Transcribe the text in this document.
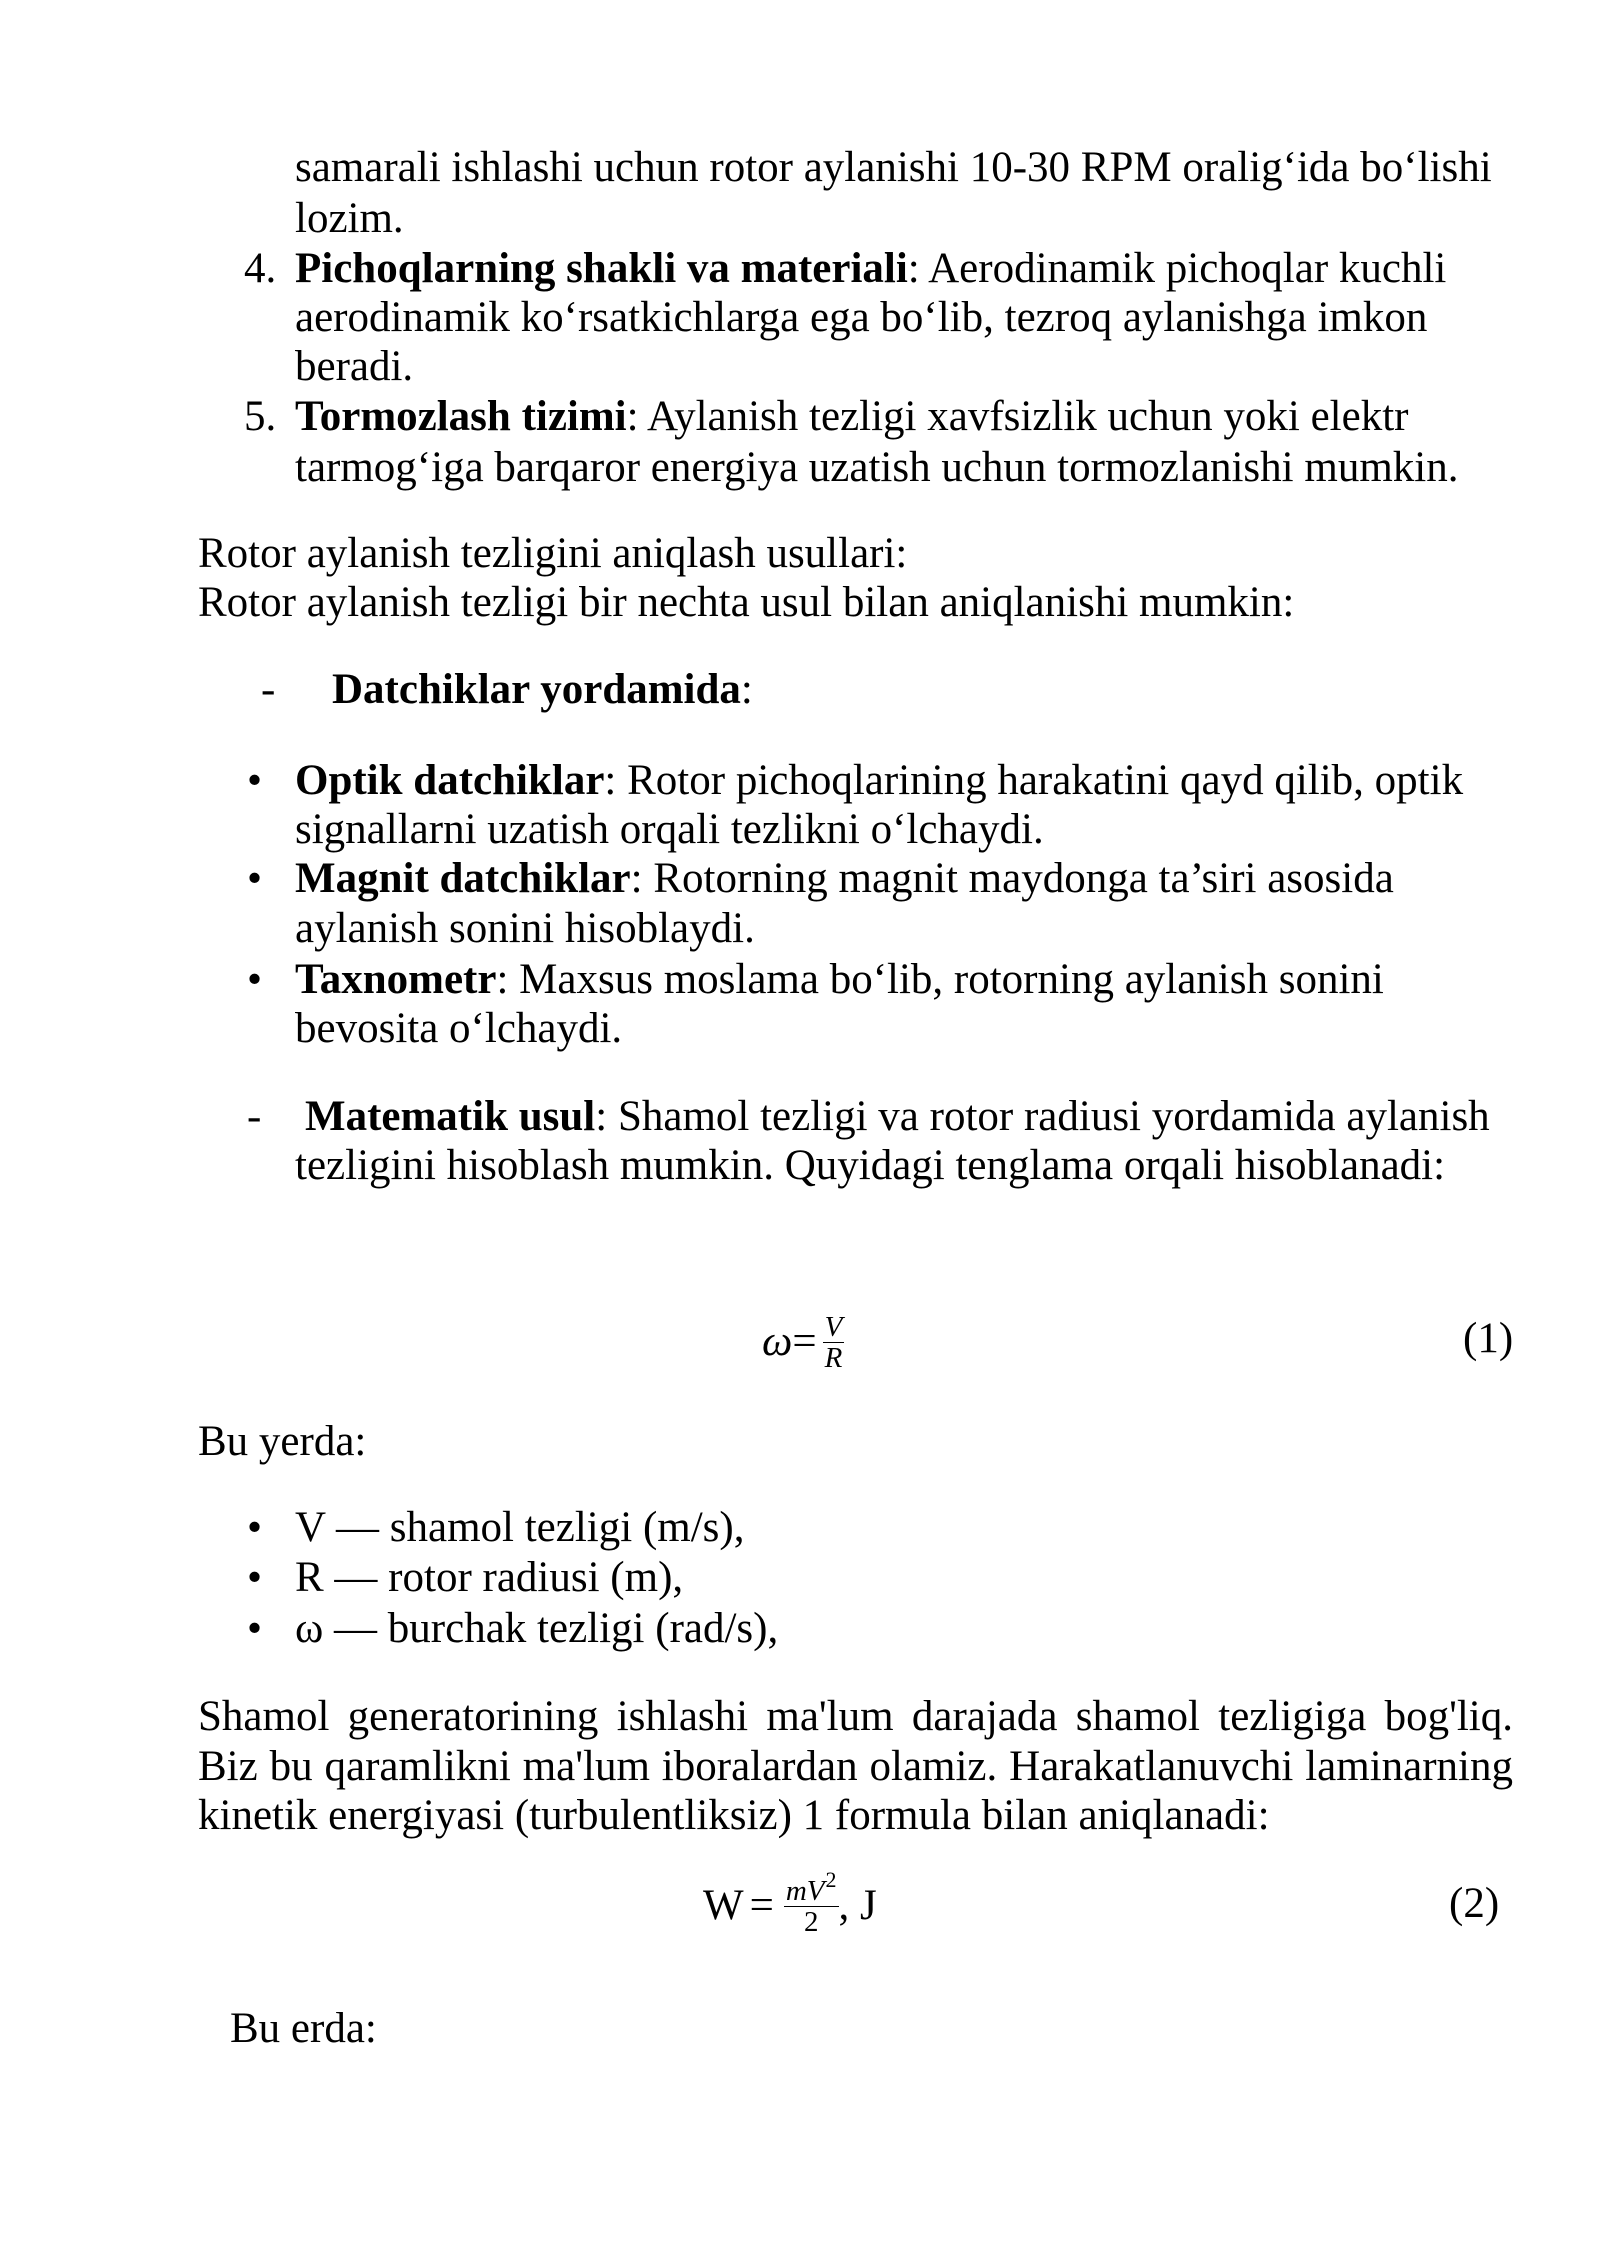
samarali ishlashi uchun rotor aylanishi 10-30 RPM oralig‘ida bo‘lishi
lozim.
4. Pichoqlarning shakli va materiali: Aerodinamik pichoqlar kuchli
aerodinamik ko‘rsatkichlarga ega bo‘lib, tezroq aylanishga imkon
beradi.
5. Tormozlash tizimi: Aylanish tezligi xavfsizlik uchun yoki elektr
tarmog‘iga barqaror energiya uzatish uchun tormozlanishi mumkin.
Rotor aylanish tezligini aniqlash usullari:
Rotor aylanish tezligi bir nechta usul bilan aniqlanishi mumkin:
- Datchiklar yordamida:
• Optik datchiklar: Rotor pichoqlarining harakatini qayd qilib, optik
signallarni uzatish orqali tezlikni o‘lchaydi.
• Magnit datchiklar: Rotorning magnit maydonga ta’siri asosida
aylanish sonini hisoblaydi.
• Taxnometr: Maxsus moslama bo‘lib, rotorning aylanish sonini
bevosita o‘lchaydi.
- Matematik usul: Shamol tezligi va rotor radiusi yordamida aylanish
tezligini hisoblash mumkin. Quyidagi tenglama orqali hisoblanadi:
$\omega = \frac{V}{R}$	(1)
Bu yerda:
• V — shamol tezligi (m/s),
• R — rotor radiusi (m),
• ω — burchak tezligi (rad/s),
Shamol generatorining ishlashi ma'lum darajada shamol tezligiga bog'liq.
Biz bu qaramlikni ma'lum iboralardan olamiz. Harakatlanuvchi laminarning
kinetik energiyasi (turbulentliksiz) 1 formula bilan aniqlanadi:
$W = \frac{mV^2}{2}$ , J	(2)
Bu erda:
